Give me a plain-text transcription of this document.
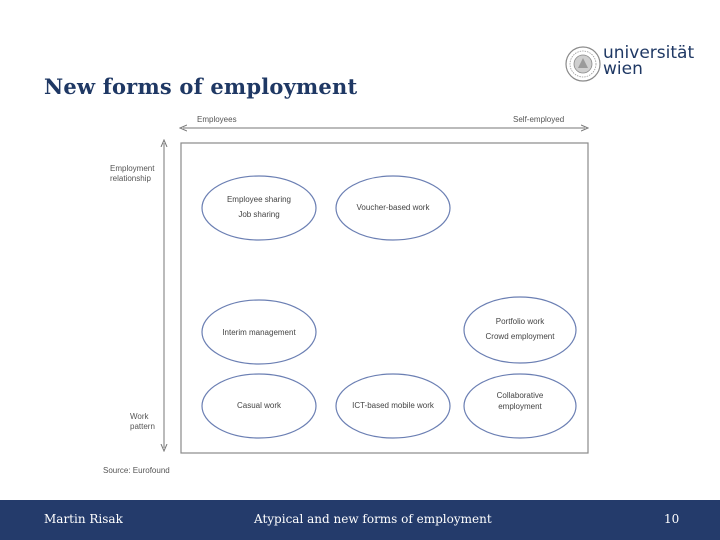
New forms of employment
universität
wien
Employees	Self-employed
Employment relationship
Work pattern
Source: Eurofound
Employee sharing
Job sharing
Voucher-based work
Interim management
Portfolio work
Crowd employment
Casual work	ICT-based mobile work
Collaborative
employment
Martin Risak	Atypical and new forms of employment	10
